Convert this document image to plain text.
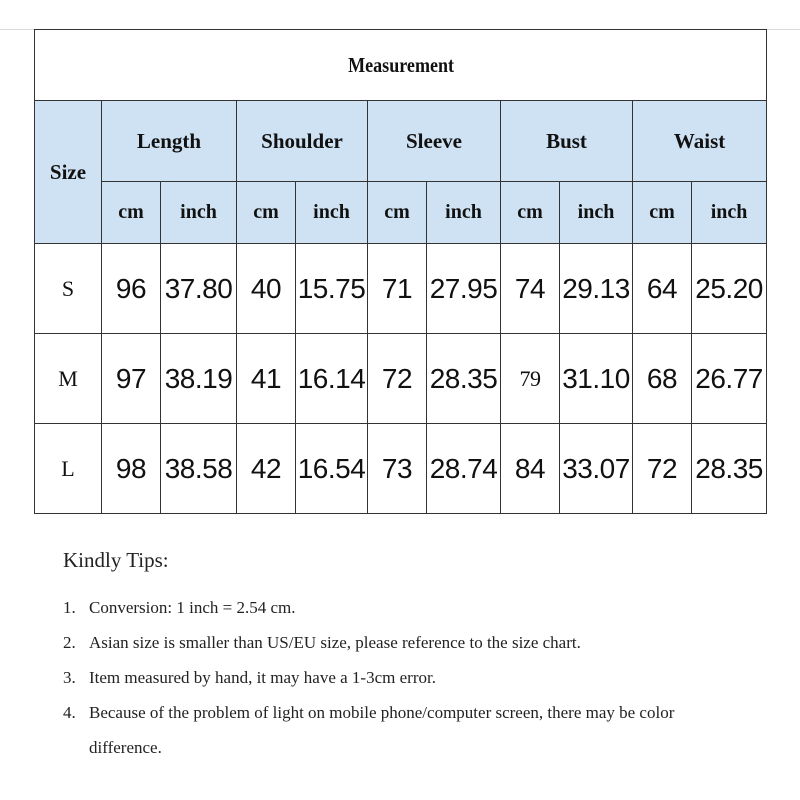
Measurement										
Size	Length		Shoulder		Sleeve		Bust		Waist	
	cm	inch	cm	inch	cm	inch	cm	inch	cm	inch
S	96	37.80	40	15.75	71	27.95	74	29.13	64	25.20
M	97	38.19	41	16.14	72	28.35	79	31.10	68	26.77
L	98	38.58	42	16.54	73	28.74	84	33.07	72	28.35
Kindly Tips:
1. Conversion: 1 inch = 2.54 cm.
2. Asian size is smaller than US/EU size, please reference to the size chart.
3. Item measured by hand, it may have a 1-3cm error.
4. Because of the problem of light on mobile phone/computer screen, there may be color difference.
